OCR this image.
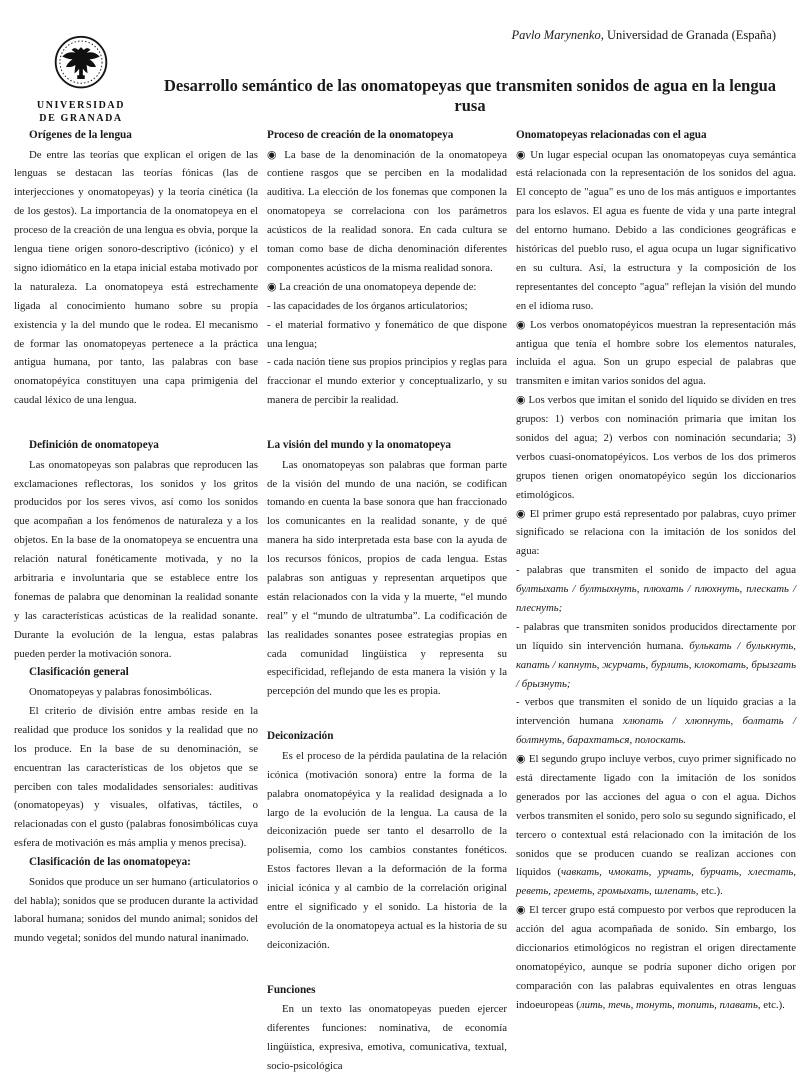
Pavlo Marynenko, Universidad de Granada (España)
UNIVERSIDAD
DE GRANADA
Desarrollo semántico de las onomatopeyas que transmiten sonidos de agua en la lengua rusa
Orígenes de la lengua

De entre las teorías que explican el origen de las lenguas se destacan las teorías fónicas (las de interjecciones y onomatopeyas) y la teoría cinética (la de los gestos). La importancia de la onomatopeya en el proceso de la creación de una lengua es obvia, porque la lengua tiene origen sonoro-descriptivo (icónico) y el signo idiomático en la etapa inicial estaba motivado por la naturaleza. La onomatopeya está estrechamente ligada al conocimiento humano sobre su propia existencia y la del mundo que le rodea. El mecanismo de formar las onomatopeyas pertenece a la práctica antigua humana, por tanto, las palabras con base onomatopéyica constituyen una capa primigenia del caudal léxico de una lengua.

Definición de onomatopeya

Las onomatopeyas son palabras que reproducen las exclamaciones reflectoras, los sonidos y los gritos producidos por los seres vivos, así como los sonidos que acompañan a los fenómenos de naturaleza y a los objetos. En la base de la onomatopeya se encuentra una relación natural fonéticamente motivada, y no la arbitraria e involuntaria que se establece entre los fonemas de palabra que denominan la realidad sonante y las características acústicas de la realidad sonante. Durante la evolución de la lengua, estas palabras pueden perder la motivación sonora.

Clasificación general

Onomatopeyas y palabras fonosimbólicas.

El criterio de división entre ambas reside en la realidad que produce los sonidos y la realidad que no los produce. En la base de su denominación, se encuentran las características de los objetos que se perciben con tales modalidades sensoriales: auditivas (onomatopeyas) y visuales, olfativas, táctiles, o relacionadas con el gusto (palabras fonosimbólicas cuya esfera de motivación es más amplia y menos precisa).

Clasificación de las onomatopeya:

Sonidos que produce un ser humano (articulatorios o del habla); sonidos que se producen durante la actividad laboral humana; sonidos del mundo animal; sonidos del mundo vegetal; sonidos del mundo natural inanimado.

Proceso de creación de la onomatopeya

◉ La base de la denominación de la onomatopeya contiene rasgos que se perciben en la modalidad auditiva. La elección de los fonemas que componen la onomatopeya se correlaciona con los parámetros acústicos de la realidad sonora. En cada cultura se toman como base de dicha denominación diferentes componentes acústicos de la misma realidad sonora.

◉ La creación de una onomatopeya depende de:

- las capacidades de los órganos articulatorios;

- el material formativo y fonemático de que dispone una lengua;

- cada nación tiene sus propios principios y reglas para fraccionar el mundo exterior y conceptualizarlo, y su manera de percibir la realidad.

La visión del mundo y la onomatopeya

Las onomatopeyas son palabras que forman parte de la visión del mundo de una nación, se codifican tomando en cuenta la base sonora que han fraccionado los comunicantes en la realidad sonante, y de qué manera ha sido interpretada esta base con la ayuda de los recursos fónicos, propios de cada lengua. Estas palabras son antiguas y representan arquetipos que están relacionados con la vida y la muerte, “el mundo real” y el “mundo de ultratumba”. La codificación de las realidades sonantes posee estrategias propias en cada comunidad lingüística y representa su especificidad, reflejando de esta manera la visión y la percepción del mundo que les es propia.

Deiconización

Es el proceso de la pérdida paulatina de la relación icónica (motivación sonora) entre la forma de la palabra onomatopéyica y la realidad designada a lo largo de la evolución de la lengua. La causa de la deiconización puede ser tanto el desarrollo de la polisemia, como los cambios constantes fonéticos. Estos factores llevan a la deformación de la forma inicial icónica y al cambio de la correlación original entre el significado y el sonido. La historia de la evolución de la onomatopeya actual es la historia de su deiconización.

Funciones

En un texto las onomatopeyas pueden ejercer diferentes funciones: nominativa, de economía lingüística, expresiva, emotiva, comunicativa, textual, socio-psicológica

Onomatopeyas relacionadas con el agua

◉ Un lugar especial ocupan las onomatopeyas cuya semántica está relacionada con la representación de los sonidos del agua. El concepto de "agua" es uno de los más antiguos e importantes para los eslavos. El agua es fuente de vida y una parte integral del entorno humano. Debido a las condiciones geográficas e históricas del pueblo ruso, el agua ocupa un lugar significativo en su cultura. Así, la estructura y la composición de los representantes del concepto "agua" reflejan la visión del mundo en el idioma ruso.

◉ Los verbos onomatopéyicos muestran la representación más antigua que tenía el hombre sobre los elementos naturales, incluida el agua. Son un grupo especial de palabras que transmiten e imitan varios sonidos del agua.

◉ Los verbos que imitan el sonido del líquido se dividen en tres grupos: 1) verbos con nominación primaria que imitan los sonidos del agua; 2) verbos con nominación secundaria; 3) verbos cuasi-onomatopéyicos. Los verbos de los dos primeros grupos tienen origen onomatopéyico según los diccionarios etimológicos.

◉ El primer grupo está representado por palabras, cuyo primer significado se relaciona con la imitación de los sonidos del agua:

- palabras que transmiten el sonido de impacto del agua бултыхать / бултыхнуть, плюхать / плюхнуть, плескать / плеснуть;

- palabras que transmiten sonidos producidos directamente por un líquido sin intervención humana. булькать / булькнуть, капать / капнуть, журчать, бурлить, клокотать, брызгать / брызнуть;

- verbos que transmiten el sonido de un líquido gracias a la intervención humana хлюпать / хлюпнуть, болтать / болтнуть, барахтаться, полоскать.

◉ El segundo grupo incluye verbos, cuyo primer significado no está directamente ligado con la imitación de los sonidos generados por las acciones del agua o con el agua. Dichos verbos transmiten el sonido, pero solo su segundo significado, el tercero o contextual está relacionado con la imitación de los sonidos que se producen cuando se realizan acciones con líquidos (чавкать, чмокать, урчать, бурчать, хлестать, реветь, греметь, громыхать, шлепать, etc.).

◉ El tercer grupo está compuesto por verbos que reproducen la acción del agua acompañada de sonido. Sin embargo, los diccionarios etimológicos no registran el origen directamente onomatopéyico, aunque se podría suponer dicho origen por comparación con las palabras equivalentes en otras lenguas indoeuropeas (лить, течь, тонуть, топить, плавать, etc.).
